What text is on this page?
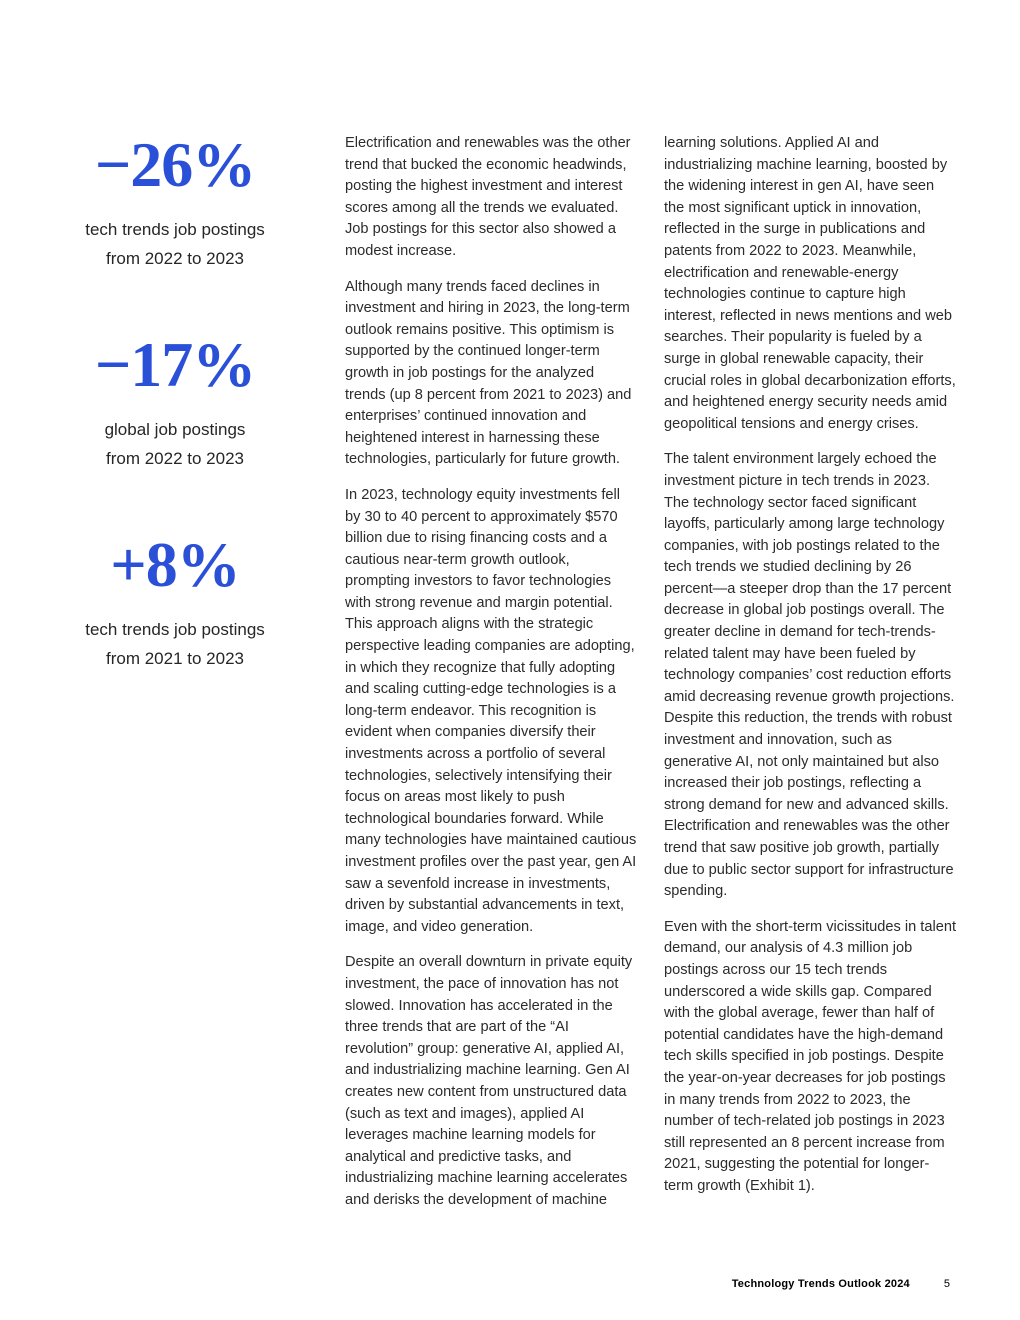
−26%
tech trends job postings
from 2022 to 2023
−17%
global job postings
from 2022 to 2023
+8%
tech trends job postings
from 2021 to 2023

Electrification and renewables was the other trend that bucked the economic headwinds, posting the highest investment and interest scores among all the trends we evaluated. Job postings for this sector also showed a modest increase.

Although many trends faced declines in investment and hiring in 2023, the long-term outlook remains positive. This optimism is supported by the continued longer-term growth in job postings for the analyzed trends (up 8 percent from 2021 to 2023) and enterprises’ continued innovation and heightened interest in harnessing these technologies, particularly for future growth.

In 2023, technology equity investments fell by 30 to 40 percent to approximately $570 billion due to rising financing costs and a cautious near-term growth outlook, prompting investors to favor technologies with strong revenue and margin potential. This approach aligns with the strategic perspective leading companies are adopting, in which they recognize that fully adopting and scaling cutting-edge technologies is a long-term endeavor. This recognition is evident when companies diversify their investments across a portfolio of several technologies, selectively intensifying their focus on areas most likely to push technological boundaries forward. While many technologies have maintained cautious investment profiles over the past year, gen AI saw a sevenfold increase in investments, driven by substantial advancements in text, image, and video generation.

Despite an overall downturn in private equity investment, the pace of innovation has not slowed. Innovation has accelerated in the three trends that are part of the “AI revolution” group: generative AI, applied AI, and industrializing machine learning. Gen AI creates new content from unstructured data (such as text and images), applied AI leverages machine learning models for analytical and predictive tasks, and industrializing machine learning accelerates and derisks the development of machine

learning solutions. Applied AI and industrializing machine learning, boosted by the widening interest in gen AI, have seen the most significant uptick in innovation, reflected in the surge in publications and patents from 2022 to 2023. Meanwhile, electrification and renewable-energy technologies continue to capture high interest, reflected in news mentions and web searches. Their popularity is fueled by a surge in global renewable capacity, their crucial roles in global decarbonization efforts, and heightened energy security needs amid geopolitical tensions and energy crises.

The talent environment largely echoed the investment picture in tech trends in 2023. The technology sector faced significant layoffs, particularly among large technology companies, with job postings related to the tech trends we studied declining by 26 percent—a steeper drop than the 17 percent decrease in global job postings overall. The greater decline in demand for tech-trends-related talent may have been fueled by technology companies’ cost reduction efforts amid decreasing revenue growth projections. Despite this reduction, the trends with robust investment and innovation, such as generative AI, not only maintained but also increased their job postings, reflecting a strong demand for new and advanced skills. Electrification and renewables was the other trend that saw positive job growth, partially due to public sector support for infrastructure spending.

Even with the short-term vicissitudes in talent demand, our analysis of 4.3 million job postings across our 15 tech trends underscored a wide skills gap. Compared with the global average, fewer than half of potential candidates have the high-demand tech skills specified in job postings. Despite the year-on-year decreases for job postings in many trends from 2022 to 2023, the number of tech-related job postings in 2023 still represented an 8 percent increase from 2021, suggesting the potential for longer-term growth (Exhibit 1).

Technology Trends Outlook 2024	5
